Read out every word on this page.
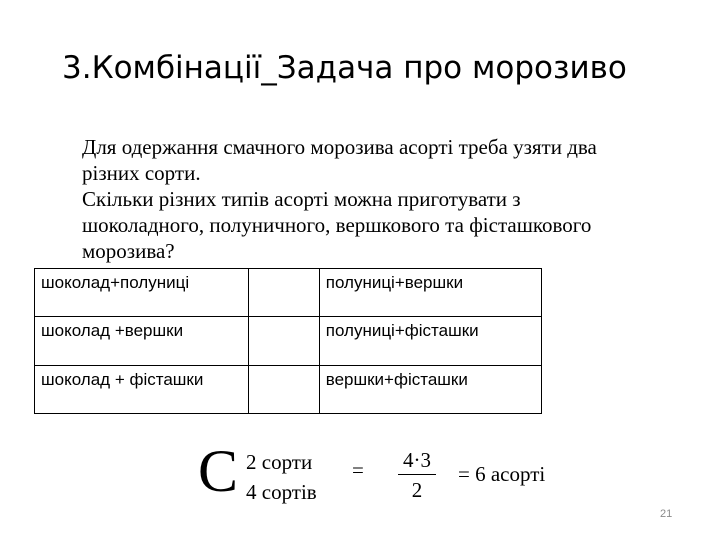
3.Комбінації_Задача про морозиво
Для одержання смачного морозива асорті треба узяти два
різних сорти.
Скільки різних типів асорті можна приготувати з
шоколадного, полуничного, вершкового та фісташкового
морозива?
шоколад+полуниці		полуниці+вершки
шоколад +вершки		полуниці+фісташки
шоколад + фісташки		вершки+фісташки
C 2 сорти
4 сортів
= 4·3
2
= 6 асорті
21
